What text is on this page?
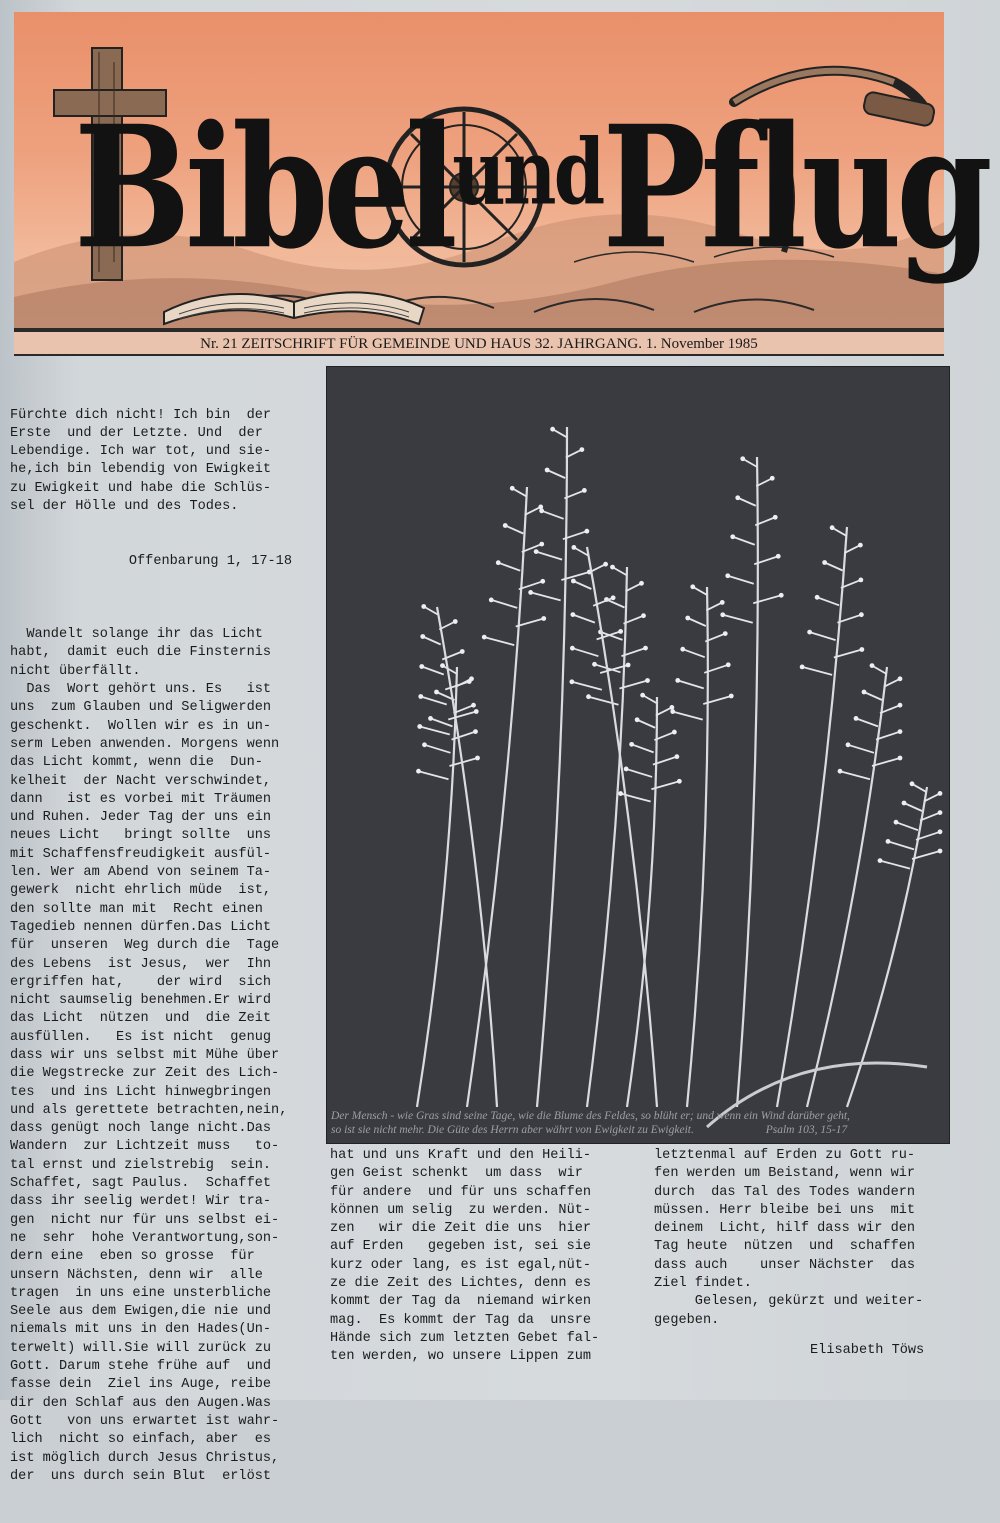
Bibel$^{und}$Pflug
Nr. 21 ZEITSCHRIFT FÜR GEMEINDE UND HAUS 32. JAHRGANG. 1. November 1985

Fürchte dich nicht! Ich bin  der
Erste  und der Letzte. Und  der
Lebendige. Ich war tot, und sie-
he,ich bin lebendig von Ewigkeit
zu Ewigkeit und habe die Schlüs-
sel der Hölle und des Todes.

Offenbarung 1, 17-18

Wandelt solange ihr das Licht
habt,  damit euch die Finsternis
nicht überfällt.
Das  Wort gehört uns. Es   ist
uns  zum Glauben und Seligwerden
geschenkt.  Wollen wir es in un-
serm Leben anwenden. Morgens wenn
das Licht kommt, wenn die  Dun-
kelheit  der Nacht verschwindet,
dann   ist es vorbei mit Träumen
und Ruhen. Jeder Tag der uns ein
neues Licht   bringt sollte  uns
mit Schaffensfreudigkeit ausfül-
len. Wer am Abend von seinem Ta-
gewerk  nicht ehrlich müde  ist,
den sollte man mit  Recht einen
Tagedieb nennen dürfen.Das Licht
für  unseren  Weg durch die  Tage
des Lebens  ist Jesus,  wer  Ihn
ergriffen hat,    der wird  sich
nicht saumselig benehmen.Er wird
das Licht  nützen  und  die Zeit
ausfüllen.   Es ist nicht  genug
dass wir uns selbst mit Mühe über
die Wegstrecke zur Zeit des Lich-
tes  und ins Licht hinwegbringen
und als gerettete betrachten,nein,
dass genügt noch lange nicht.Das
Wandern  zur Lichtzeit muss   to-
tal ernst und zielstrebig  sein.
Schaffet, sagt Paulus.  Schaffet
dass ihr seelig werdet! Wir tra-
gen  nicht nur für uns selbst ei-
ne  sehr  hohe Verantwortung,son-
dern eine  eben so grosse  für
unsern Nächsten, denn wir  alle
tragen  in uns eine unsterbliche
Seele aus dem Ewigen,die nie und
niemals mit uns in den Hades(Un-
terwelt) will.Sie will zurück zu
Gott. Darum stehe frühe auf  und
fasse dein  Ziel ins Auge, reibe
dir den Schlaf aus den Augen.Was
Gott   von uns erwartet ist wahr-
lich  nicht so einfach, aber  es
ist möglich durch Jesus Christus,
der  uns durch sein Blut  erlöst

Der Mensch - wie Gras sind seine Tage, wie die Blume des Feldes, so blüht er; und wenn ein Wind darüber geht,
so ist sie nicht mehr. Die Güte des Herrn aber währt von Ewigkeit zu Ewigkeit.	Psalm 103, 15-17
hat und uns Kraft und den Heili-
gen Geist schenkt  um dass  wir
für andere  und für uns schaffen
können um selig  zu werden. Nüt-
zen   wir die Zeit die uns  hier
auf Erden   gegeben ist, sei sie
kurz oder lang, es ist egal,nüt-
ze die Zeit des Lichtes, denn es
kommt der Tag da  niemand wirken
mag.  Es kommt der Tag da  unsre
Hände sich zum letzten Gebet fal-
ten werden, wo unsere Lippen zum
letztenmal auf Erden zu Gott ru-
fen werden um Beistand, wenn wir
durch  das Tal des Todes wandern
müssen. Herr bleibe bei uns  mit
deinem  Licht, hilf dass wir den
Tag heute  nützen  und  schaffen
dass auch    unser Nächster  das
Ziel findet.
Gelesen, gekürzt und weiter-
gegeben.
Elisabeth Töws
